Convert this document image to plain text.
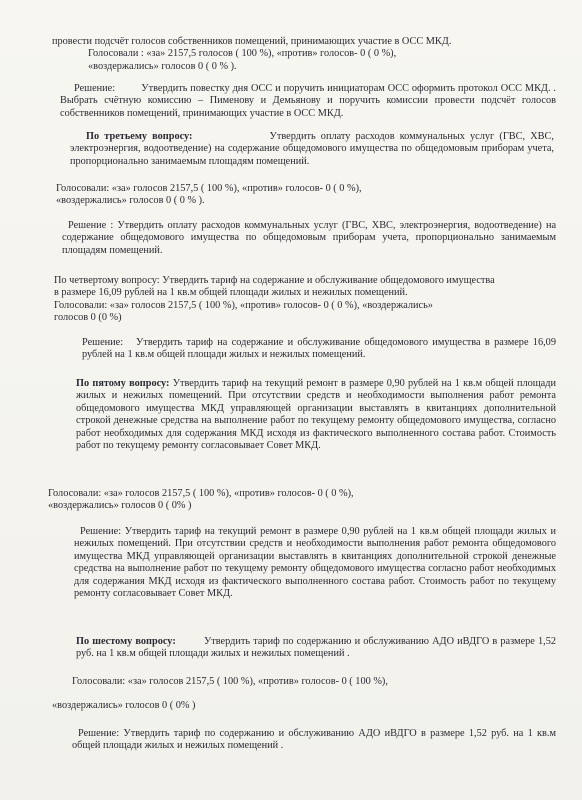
провести подсчёт голосов собственников помещений, принимающих участие в ОСС МКД.
Голосовали : «за» 2157,5 голосов ( 100 %), «против» голосов- 0 ( 0 %),
«воздержались» голосов 0 ( 0 % ).

Решение:	Утвердить повестку дня ОСС и поручить инициаторам ОСС оформить протокол ОСС МКД. . Выбрать счётную комиссию – Пименову и Демьянову и поручить комиссии провести подсчёт голосов собственников помещений, принимающих участие в ОСС МКД.

По третьему вопросу:	Утвердить оплату расходов коммунальных услуг (ГВС, ХВС, электроэнергия, водоотведение) на содержание общедомового имущества по общедомовым приборам учета, пропорционально занимаемым площадям помещений.

Голосовали: «за» голосов 2157,5 ( 100 %), «против» голосов- 0 ( 0 %),
«воздержались» голосов 0 ( 0 % ).

Решение : Утвердить оплату расходов коммунальных услуг (ГВС, ХВС, электроэнергия, водоотведение) на содержание общедомового имущества по общедомовым приборам учета, пропорционально занимаемым площадям помещений.

По четвертому вопросу: Утвердить тариф на содержание и обслуживание общедомового имущества
в размере 16,09 рублей на 1 кв.м общей площади жилых и нежилых помещений.
Голосовали: «за» голосов 2157,5 ( 100 %), «против» голосов- 0 ( 0 %), «воздержались»
голосов 0 (0 %)

Решение: Утвердить тариф на содержание и обслуживание общедомового имущества в размере 16,09 рублей на 1 кв.м общей площади жилых и нежилых помещений.

По пятому вопросу: Утвердить тариф на текущий ремонт в размере 0,90 рублей на 1 кв.м общей площади жилых и нежилых помещений. При отсутствии средств и необходимости выполнения работ ремонта общедомового имущества МКД управляющей организации выставлять в квитанциях дополнительной строкой денежные средства на выполнение работ по текущему ремонту общедомового имущества, согласно работ необходимых для содержания МКД исходя из фактического выполненного состава работ. Стоимость работ по текущему ремонту согласовывает Совет МКД.

Голосовали: «за» голосов 2157,5 ( 100 %), «против» голосов- 0 ( 0 %),
«воздержались» голосов 0 ( 0% )

Решение: Утвердить тариф на текущий ремонт в размере 0,90 рублей на 1 кв.м общей площади жилых и нежилых помещений. При отсутствии средств и необходимости выполнения работ ремонта общедомового имущества МКД управляющей организации выставлять в квитанциях дополнительной строкой денежные средства на выполнение работ по текущему ремонту общедомового имущества согласно работ необходимых для содержания МКД исходя из фактического выполненного состава работ. Стоимость работ по текущему ремонту согласовывает Совет МКД.

По шестому вопросу:	Утвердить тариф по содержанию и обслуживанию АДО иВДГО в размере 1,52 руб. на 1 кв.м общей площади жилых и нежилых помещений .

Голосовали: «за» голосов 2157,5 ( 100 %), «против» голосов- 0 ( 100 %),
«воздержались» голосов 0 ( 0% )

Решение: Утвердить тариф по содержанию и обслуживанию АДО иВДГО в размере 1,52 руб. на 1 кв.м общей площади жилых и нежилых помещений .
